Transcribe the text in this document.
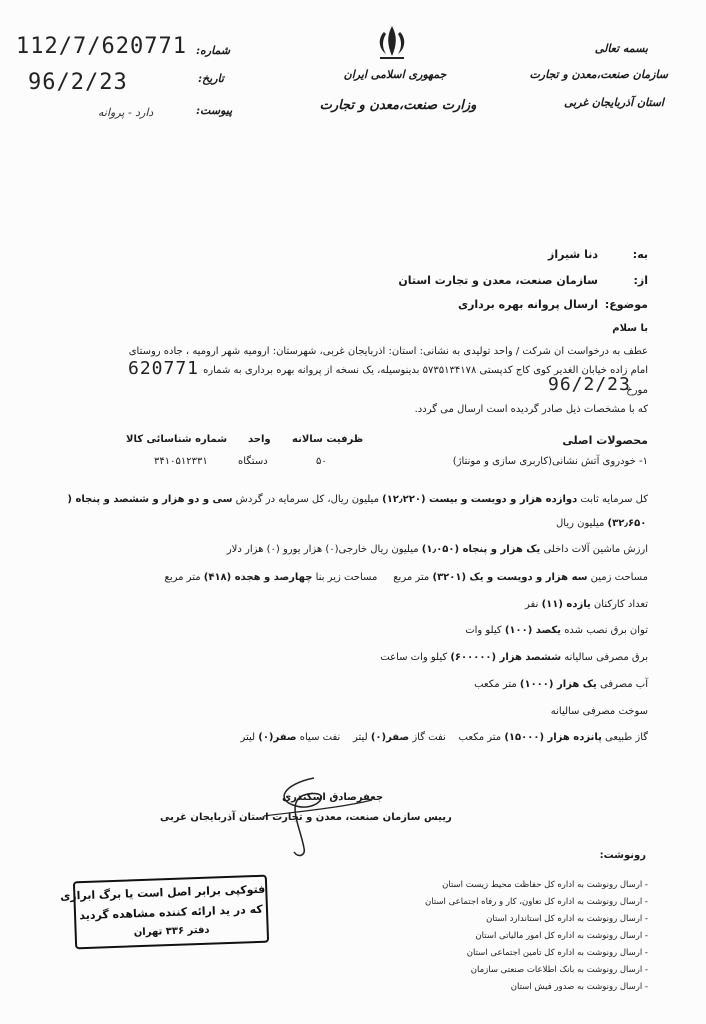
بسمه تعالی
سازمان صنعت،معدن و تجارت
استان آذربایجان غربی
جمهوری اسلامی ایران
وزارت صنعت،معدن و تجارت
شماره:
تاریخ:
پیوست:
112/7/620771
96/2/23
دارد - پروانه
به:
دنا شیراز
از:
سازمان صنعت، معدن و تجارت استان
موضوع:
ارسال پروانه بهره برداری
با سلام
عطف به درخواست آن شرکت / واحد تولیدی به نشانی: استان: آذربایجان غربی، شهرستان: ارومیه شهر ارومیه ، جاده روستای
امام زاده خیابان الغدیر کوی کاج کدپستی ۵۷۳۵۱۳۴۱۷۸ بدینوسیله، یک نسخه از پروانه بهره برداری به شماره
620771
مورخ
96/2/23
که با مشخصات ذیل صادر گردیده است ارسال می گردد.
محصولات اصلی
ظرفیت سالانه
واحد
شماره شناسائی کالا
۱- خودروی آتش نشانی(کاربری سازی و مونتاژ)
۵۰
دستگاه
۳۴۱۰۵۱۲۳۳۱
کل سرمایه ثابت دوازده هزار و دویست و بیست (۱۲٫۲۲۰) میلیون ریال، کل سرمایه در گردش سی و دو هزار و ششصد و پنجاه (
۳۲٫۶۵۰) میلیون ریال
ارزش ماشین آلات داخلی یک هزار و پنجاه (۱٫۰۵۰) میلیون ریال خارجی(۰) هزار یورو (۰) هزار دلار
مساحت زمین سه هزار و دویست و یک (۳۲۰۱) متر مربع     مساحت زیر بنا چهارصد و هجده (۴۱۸) متر مربع
تعداد کارکنان یازده (۱۱) نفر
توان برق نصب شده یکصد (۱۰۰) کیلو وات
برق مصرفی سالیانه ششصد هزار (۶۰۰۰۰۰) کیلو وات ساعت
آب مصرفی یک هزار (۱۰۰۰) متر مکعب
سوخت مصرفی سالیانه
گاز طبیعی پانزده هزار (۱۵۰۰۰) متر مکعب    نفت گاز صفر(۰) لیتر    نفت سیاه صفر(۰) لیتر
جعفرصادق اسکندری
رییس سازمان صنعت، معدن و تجارت استان آذربایجان غربی
رونوشت:
- ارسال رونوشت به اداره کل حفاظت محیط زیست استان
- ارسال رونوشت به اداره کل تعاون، کار و رفاه اجتماعی استان
- ارسال رونوشت به اداره کل استاندارد استان
- ارسال رونوشت به اداره کل امور مالیاتی استان
- ارسال رونوشت به اداره کل تامین اجتماعی استان
- ارسال رونوشت به بانک اطلاعات صنعتی سازمان
- ارسال رونوشت به صدور فیش استان
فتوکپی برابر اصل است یا برگ ابرازی
که در ید ارائه کننده مشاهده گردید
دفتر ۳۳۶ تهران
